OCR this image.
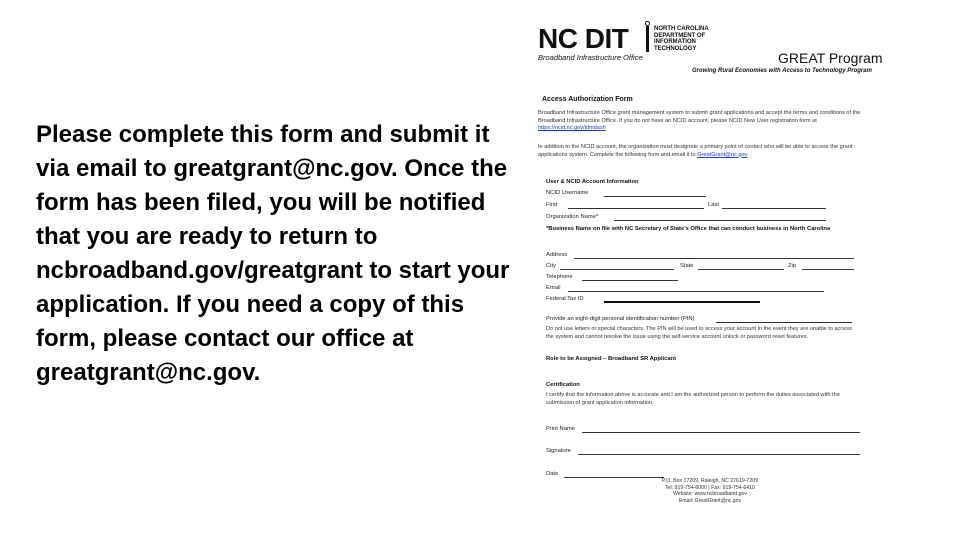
Please complete this form and submit it via email to greatgrant@nc.gov. Once the form has been filed, you will be notified that you are ready to return to ncbroadband.gov/greatgrant to start your application. If you need a copy of this form, please contact our office at greatgrant@nc.gov.

NC DIT	NORTH CAROLINA
DEPARTMENT OF
INFORMATION
TECHNOLOGY
Broadband Infrastructure Office	GREAT Program
Growing Rural Economies with Access to Technology Program
Access Authorization Form
Broadband Infrastructure Office grant management system to submit grant applications and accept the terms and conditions of the Broadband Infrastructure Office. If you do not have an NCID account, please NCID New User registration form at https://ncid.nc.gov/idmdash
In addition to the NCID account, the organization must designate a primary point of contact who will be able to access the grant applications system. Complete the following form and email it to GreatGrant@nc.gov
User & NCID Account Information
NCID Username
First	Last
Organization Name*
*Business Name on file with NC Secretary of State's Office that can conduct business in North Carolina
Address
City	State	Zip
Telephone
Email
Federal Tax ID
Provide an eight-digit personal identification number (PIN)
Do not use letters or special characters. The PIN will be used to access your account in the event they are unable to access the system and cannot resolve the issue using the self-service account unlock or password reset features.
Role to be Assigned – Broadband SR Applicant
Certification
I certify that the information above is accurate and I am the authorized person to perform the duties associated with the submission of grant application information.
Print Name
Signature
Date
P.O. Box 17209, Raleigh, NC 27619-7209
Tel: 919-754-6000 | Fax: 919-754-6410
Website: www.ncbroadband.gov
Email: GreatGrant@nc.gov
